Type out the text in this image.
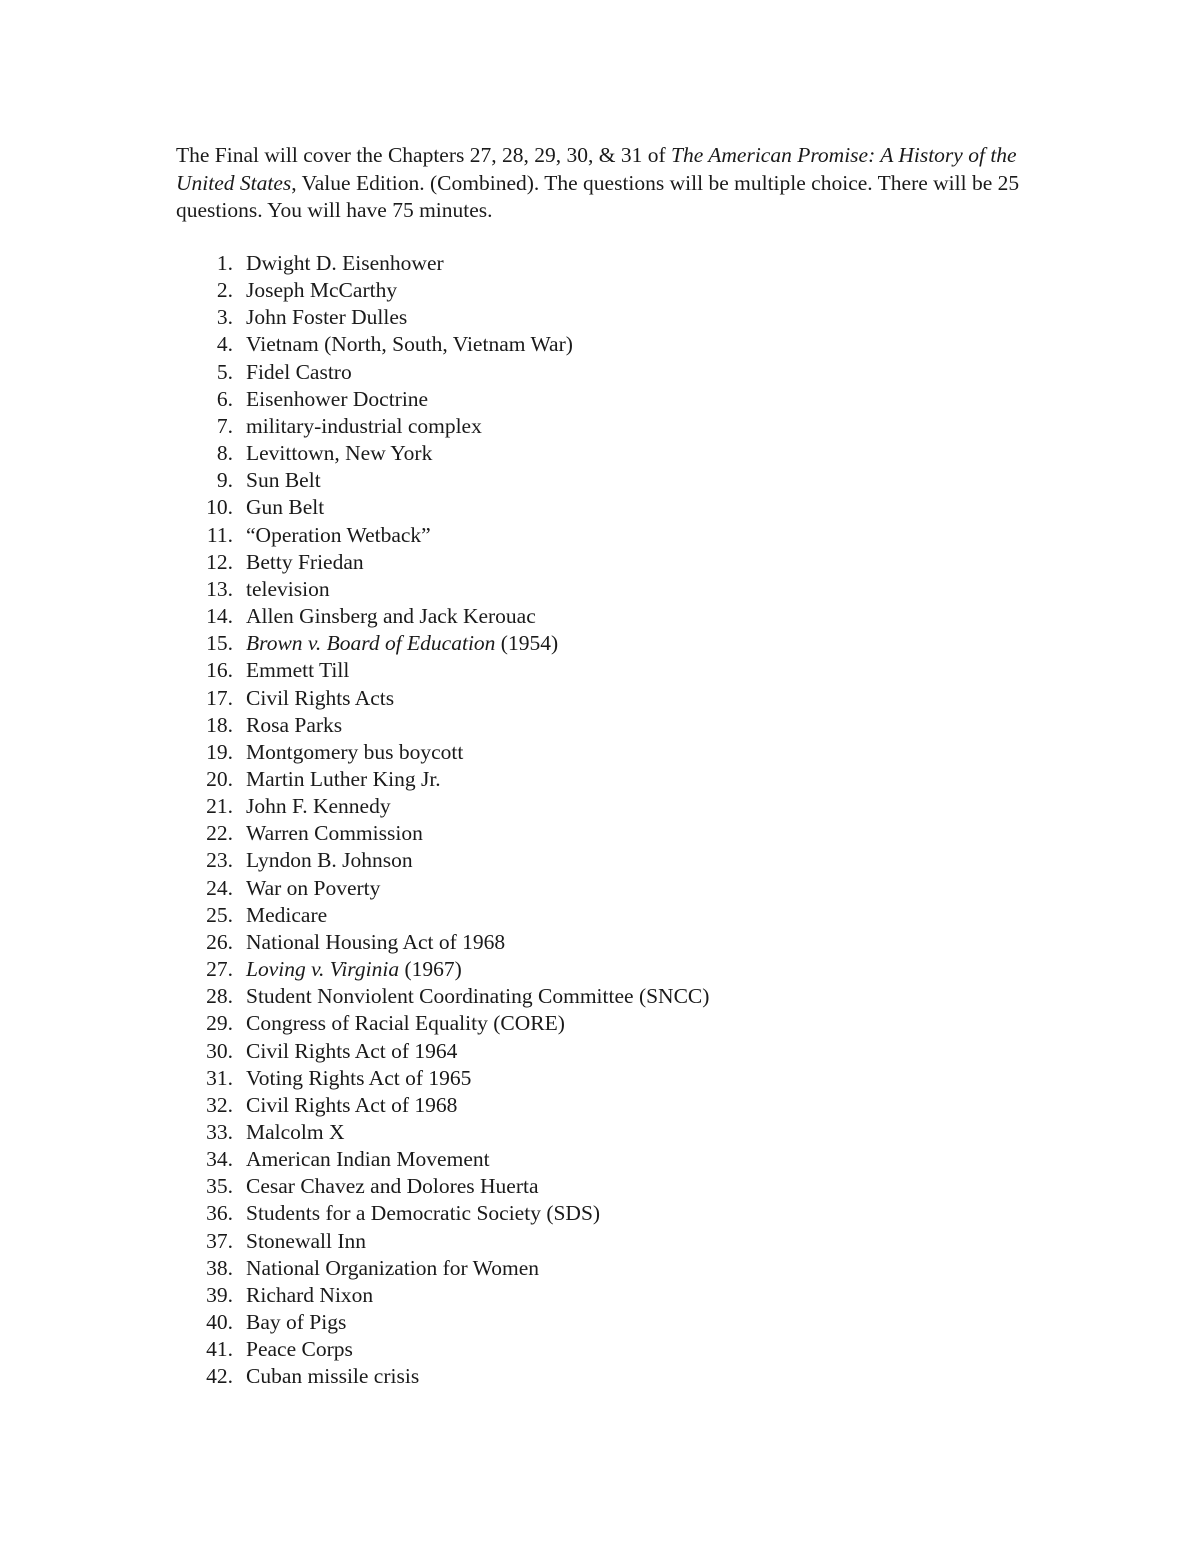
The Final will cover the Chapters 27, 28, 29, 30, & 31 of The American Promise: A History of the United States, Value Edition. (Combined). The questions will be multiple choice. There will be 25 questions. You will have 75 minutes.

1. Dwight D. Eisenhower
2. Joseph McCarthy
3. John Foster Dulles
4. Vietnam (North, South, Vietnam War)
5. Fidel Castro
6. Eisenhower Doctrine
7. military-industrial complex
8. Levittown, New York
9. Sun Belt
10. Gun Belt
11. “Operation Wetback”
12. Betty Friedan
13. television
14. Allen Ginsberg and Jack Kerouac
15. Brown v. Board of Education (1954)
16. Emmett Till
17. Civil Rights Acts
18. Rosa Parks
19. Montgomery bus boycott
20. Martin Luther King Jr.
21. John F. Kennedy
22. Warren Commission
23. Lyndon B. Johnson
24. War on Poverty
25. Medicare
26. National Housing Act of 1968
27. Loving v. Virginia (1967)
28. Student Nonviolent Coordinating Committee (SNCC)
29. Congress of Racial Equality (CORE)
30. Civil Rights Act of 1964
31. Voting Rights Act of 1965
32. Civil Rights Act of 1968
33. Malcolm X
34. American Indian Movement
35. Cesar Chavez and Dolores Huerta
36. Students for a Democratic Society (SDS)
37. Stonewall Inn
38. National Organization for Women
39. Richard Nixon
40. Bay of Pigs
41. Peace Corps
42. Cuban missile crisis
